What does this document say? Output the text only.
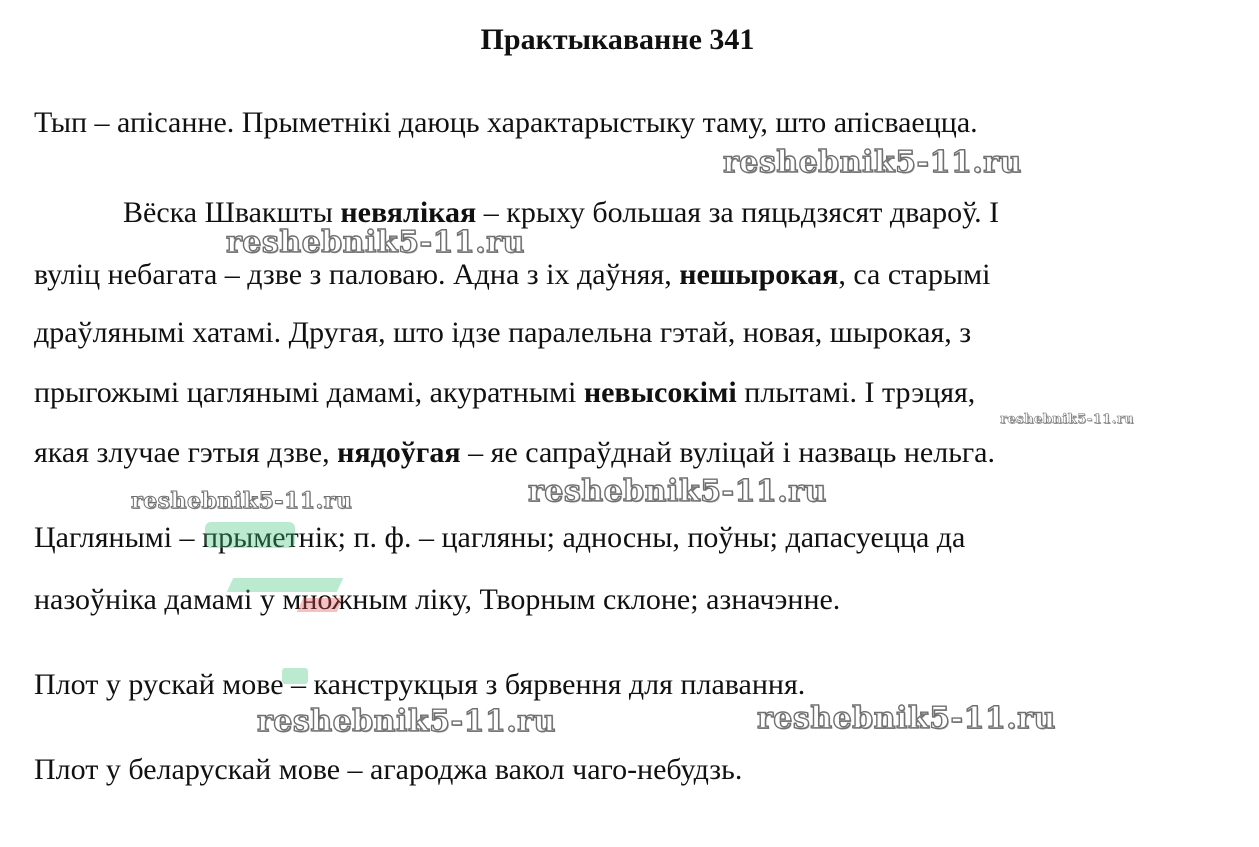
Практыкаванне 341
Тып – апісанне. Прыметнікі даюць характарыстыку таму, што апісваецца.
Вёска Швакшты невялікая – крыху большая за пяцьдзясят двароў. І
вуліц небагата – дзве з паловаю. Адна з іх даўняя, нешырокая, са старымі
драўлянымі хатамі. Другая, што ідзе паралельна гэтай, новая, шырокая, з
прыгожымі цаглянымі дамамі, акуратнымі невысокімі плытамі. І трэцяя,
якая злучае гэтыя дзве, нядоўгая – яе сапраўднай вуліцай і назваць нельга.
Цаглянымі – прыметнік; п. ф. – цагляны; адносны, поўны; дапасуецца да
назоўніка дамамі у множным ліку, Творным склоне; азначэнне.
Плот у рускай мове – канструкцыя з бярвення для плавання.
Плот у беларускай мове – агароджа вакол чаго-небудзь.
reshebnik5-11.ru
reshebnik5-11.ru
reshebnik5-11.ru
reshebnik5-11.ru	reshebnik5-11.ru
reshebnik5-11.ru	reshebnik5-11.ru
